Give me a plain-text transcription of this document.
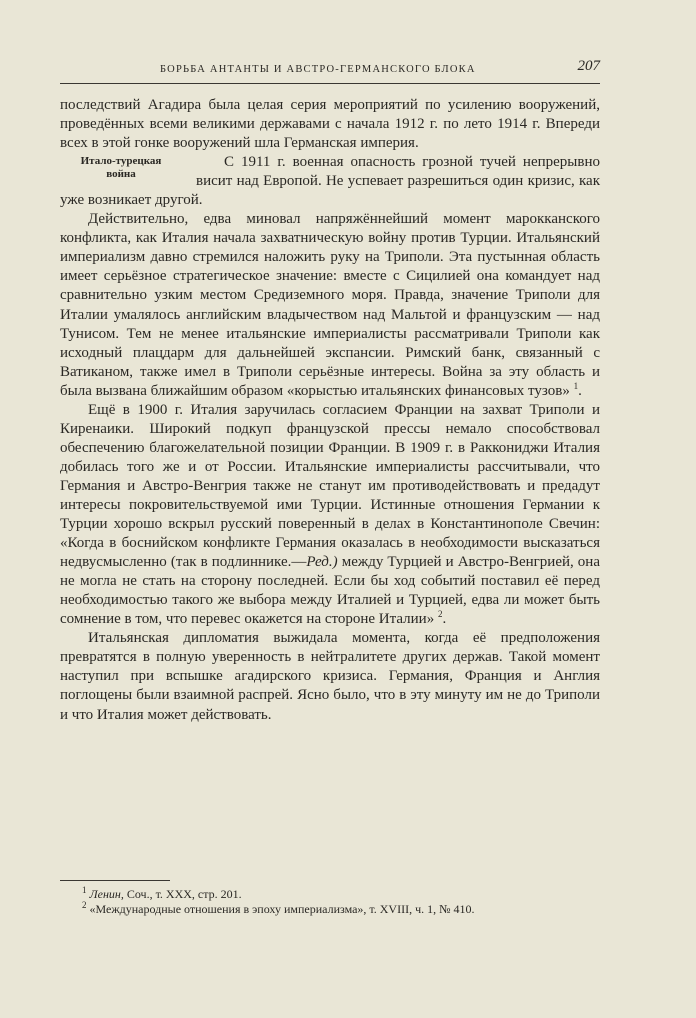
БОРЬБА АНТАНТЫ И АВСТРО-ГЕРМАНСКОГО БЛОКА	207

последствий Агадира была целая серия мероприятий по усилению вооружений, проведённых всеми великими державами с начала 1912 г. по лето 1914 г. Впереди всех в этой гонке вооружений шла Германская империя.

Итало-турецкая
война

С 1911 г. военная опасность грозной тучей непрерывно висит над Европой. Не успевает разрешиться один кризис, как уже возникает другой.

Действительно, едва миновал напряжённейший момент марокканского конфликта, как Италия начала захватническую войну против Турции. Итальянский империализм давно стремился наложить руку на Триполи. Эта пустынная область имеет серьёзное стратегическое значение: вместе с Сицилией она командует над сравнительно узким местом Средиземного моря. Правда, значение Триполи для Италии умалялось английским владычеством над Мальтой и французским — над Тунисом. Тем не менее итальянские империалисты рассматривали Триполи как исходный плацдарм для дальнейшей экспансии. Римский банк, связанный с Ватиканом, также имел в Триполи серьёзные интересы. Война за эту область и была вызвана ближайшим образом «корыстью итальянских финансовых тузов» $^1$.

Ещё в 1900 г. Италия заручилась согласием Франции на захват Триполи и Киренаики. Широкий подкуп французской прессы немало способствовал обеспечению благожелательной позиции Франции. В 1909 г. в Раккониджи Италия добилась того же и от России. Итальянские империалисты рассчитывали, что Германия и Австро-Венгрия также не станут им противодействовать и предадут интересы покровительствуемой ими Турции. Истинные отношения Германии к Турции хорошо вскрыл русский поверенный в делах в Константинополе Свечин: «Когда в боснийском конфликте Германия оказалась в необходимости высказаться недвусмысленно (так в подлиннике.—Ред.) между Турцией и Австро-Венгрией, она не могла не стать на сторону последней. Если бы ход событий поставил её перед необходимостью такого же выбора между Италией и Турцией, едва ли может быть сомнение в том, что перевес окажется на стороне Италии» $^2$.

Итальянская дипломатия выжидала момента, когда её предположения превратятся в полную уверенность в нейтралитете других держав. Такой момент наступил при вспышке агадирского кризиса. Германия, Франция и Англия поглощены были взаимной распрей. Ясно было, что в эту минуту им не до Триполи и что Италия может действовать.

$^1$ Ленин, Соч., т. XXX, стр. 201.

$^2$ «Международные отношения в эпоху империализма», т. XVIII, ч. 1, № 410.
